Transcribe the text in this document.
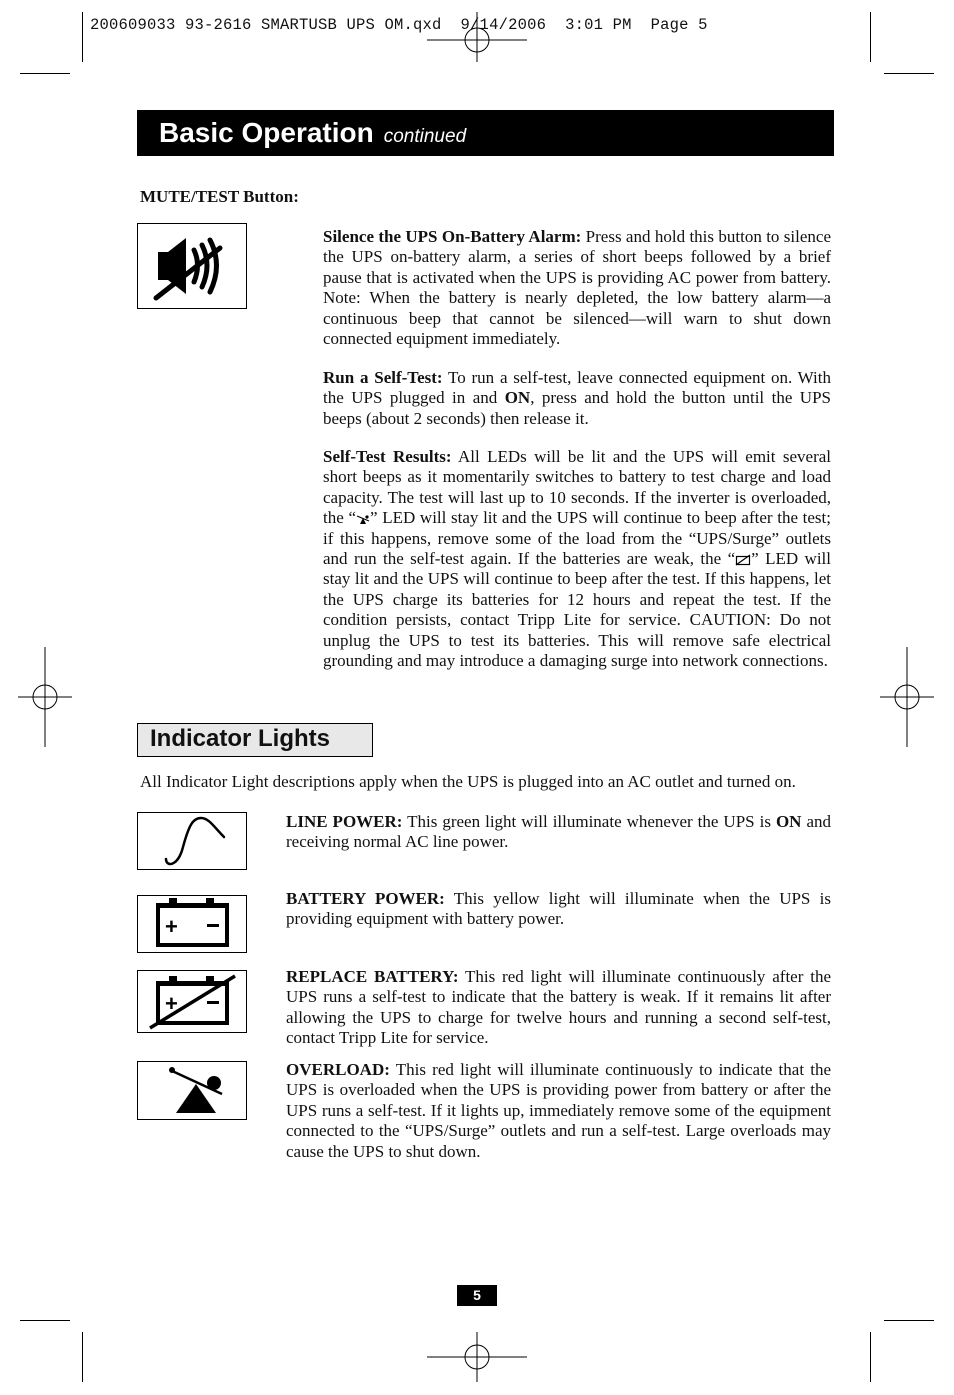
200609033 93-2616 SMARTUSB UPS OM.qxd  9/14/2006  3:01 PM  Page 5
Basic Operation continued
MUTE/TEST Button:
Silence the UPS On-Battery Alarm: Press and hold this button to silence the UPS on-battery alarm, a series of short beeps followed by a brief pause that is activated when the UPS is providing AC power from battery. Note: When the battery is nearly depleted, the low battery alarm—a continuous beep that cannot be silenced—will warn to shut down connected equipment immediately.
Run a Self-Test: To run a self-test, leave connected equipment on. With the UPS plugged in and ON, press and hold the button until the UPS beeps (about 2 seconds) then release it.
Self-Test Results: All LEDs will be lit and the UPS will emit several short beeps as it momentarily switches to battery to test charge and load capacity. The test will last up to 10 seconds. If the inverter is overloaded, the “ ” LED will stay lit and the UPS will continue to beep after the test; if this happens, remove some of the load from the “UPS/Surge” outlets and run the self-test again. If the batteries are weak, the “ ” LED will stay lit and the UPS will continue to beep after the test. If this happens, let the UPS charge its batteries for 12 hours and repeat the test. If the condition persists, contact Tripp Lite for service. CAUTION: Do not unplug the UPS to test its batteries. This will remove safe electrical grounding and may introduce a damaging surge into network connections.
Indicator Lights
All Indicator Light descriptions apply when the UPS is plugged into an AC outlet and turned on.
LINE POWER: This green light will illuminate whenever the UPS is ON and receiving normal AC line power.
+
BATTERY POWER: This yellow light will illuminate when the UPS is providing equipment with battery power.
+
REPLACE BATTERY: This red light will illuminate continuously after the UPS runs a self-test to indicate that the battery is weak. If it remains lit after allowing the UPS to charge for twelve hours and running a second self-test, contact Tripp Lite for service.
OVERLOAD: This red light will illuminate continuously to indicate that the UPS is overloaded when the UPS is providing power from battery or after the UPS runs a self-test. If it lights up, immediately remove some of the equipment connected to the “UPS/Surge” outlets and run a self-test. Large overloads may cause the UPS to shut down.
5
